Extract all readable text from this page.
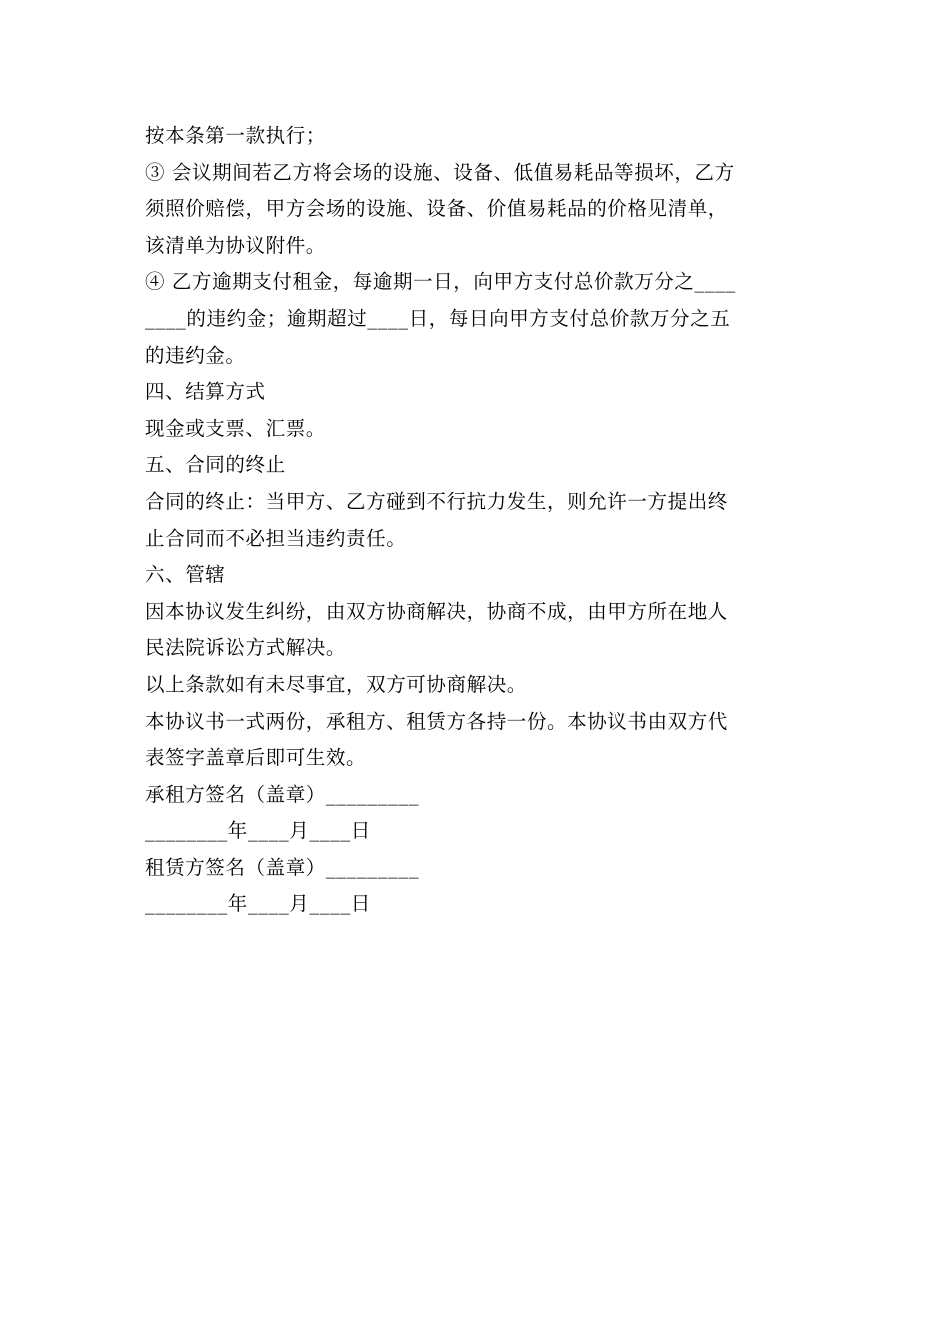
按本条第一款执行；
③ 会议期间若乙方将会场的设施、设备、低值易耗品等损坏，乙方
须照价赔偿，甲方会场的设施、设备、价值易耗品的价格见清单，
该清单为协议附件。
④ 乙方逾期支付租金，每逾期一日，向甲方支付总价款万分之____
____的违约金；逾期超过____日，每日向甲方支付总价款万分之五
的违约金。
四、结算方式
现金或支票、汇票。
五、合同的终止
合同的终止：当甲方、乙方碰到不行抗力发生，则允许一方提出终
止合同而不必担当违约责任。
六、管辖
因本协议发生纠纷，由双方协商解决，协商不成，由甲方所在地人
民法院诉讼方式解决。
以上条款如有未尽事宜，双方可协商解决。
本协议书一式两份，承租方、租赁方各持一份。本协议书由双方代
表签字盖章后即可生效。
承租方签名（盖章）_________
________年____月____日
租赁方签名（盖章）_________
________年____月____日
